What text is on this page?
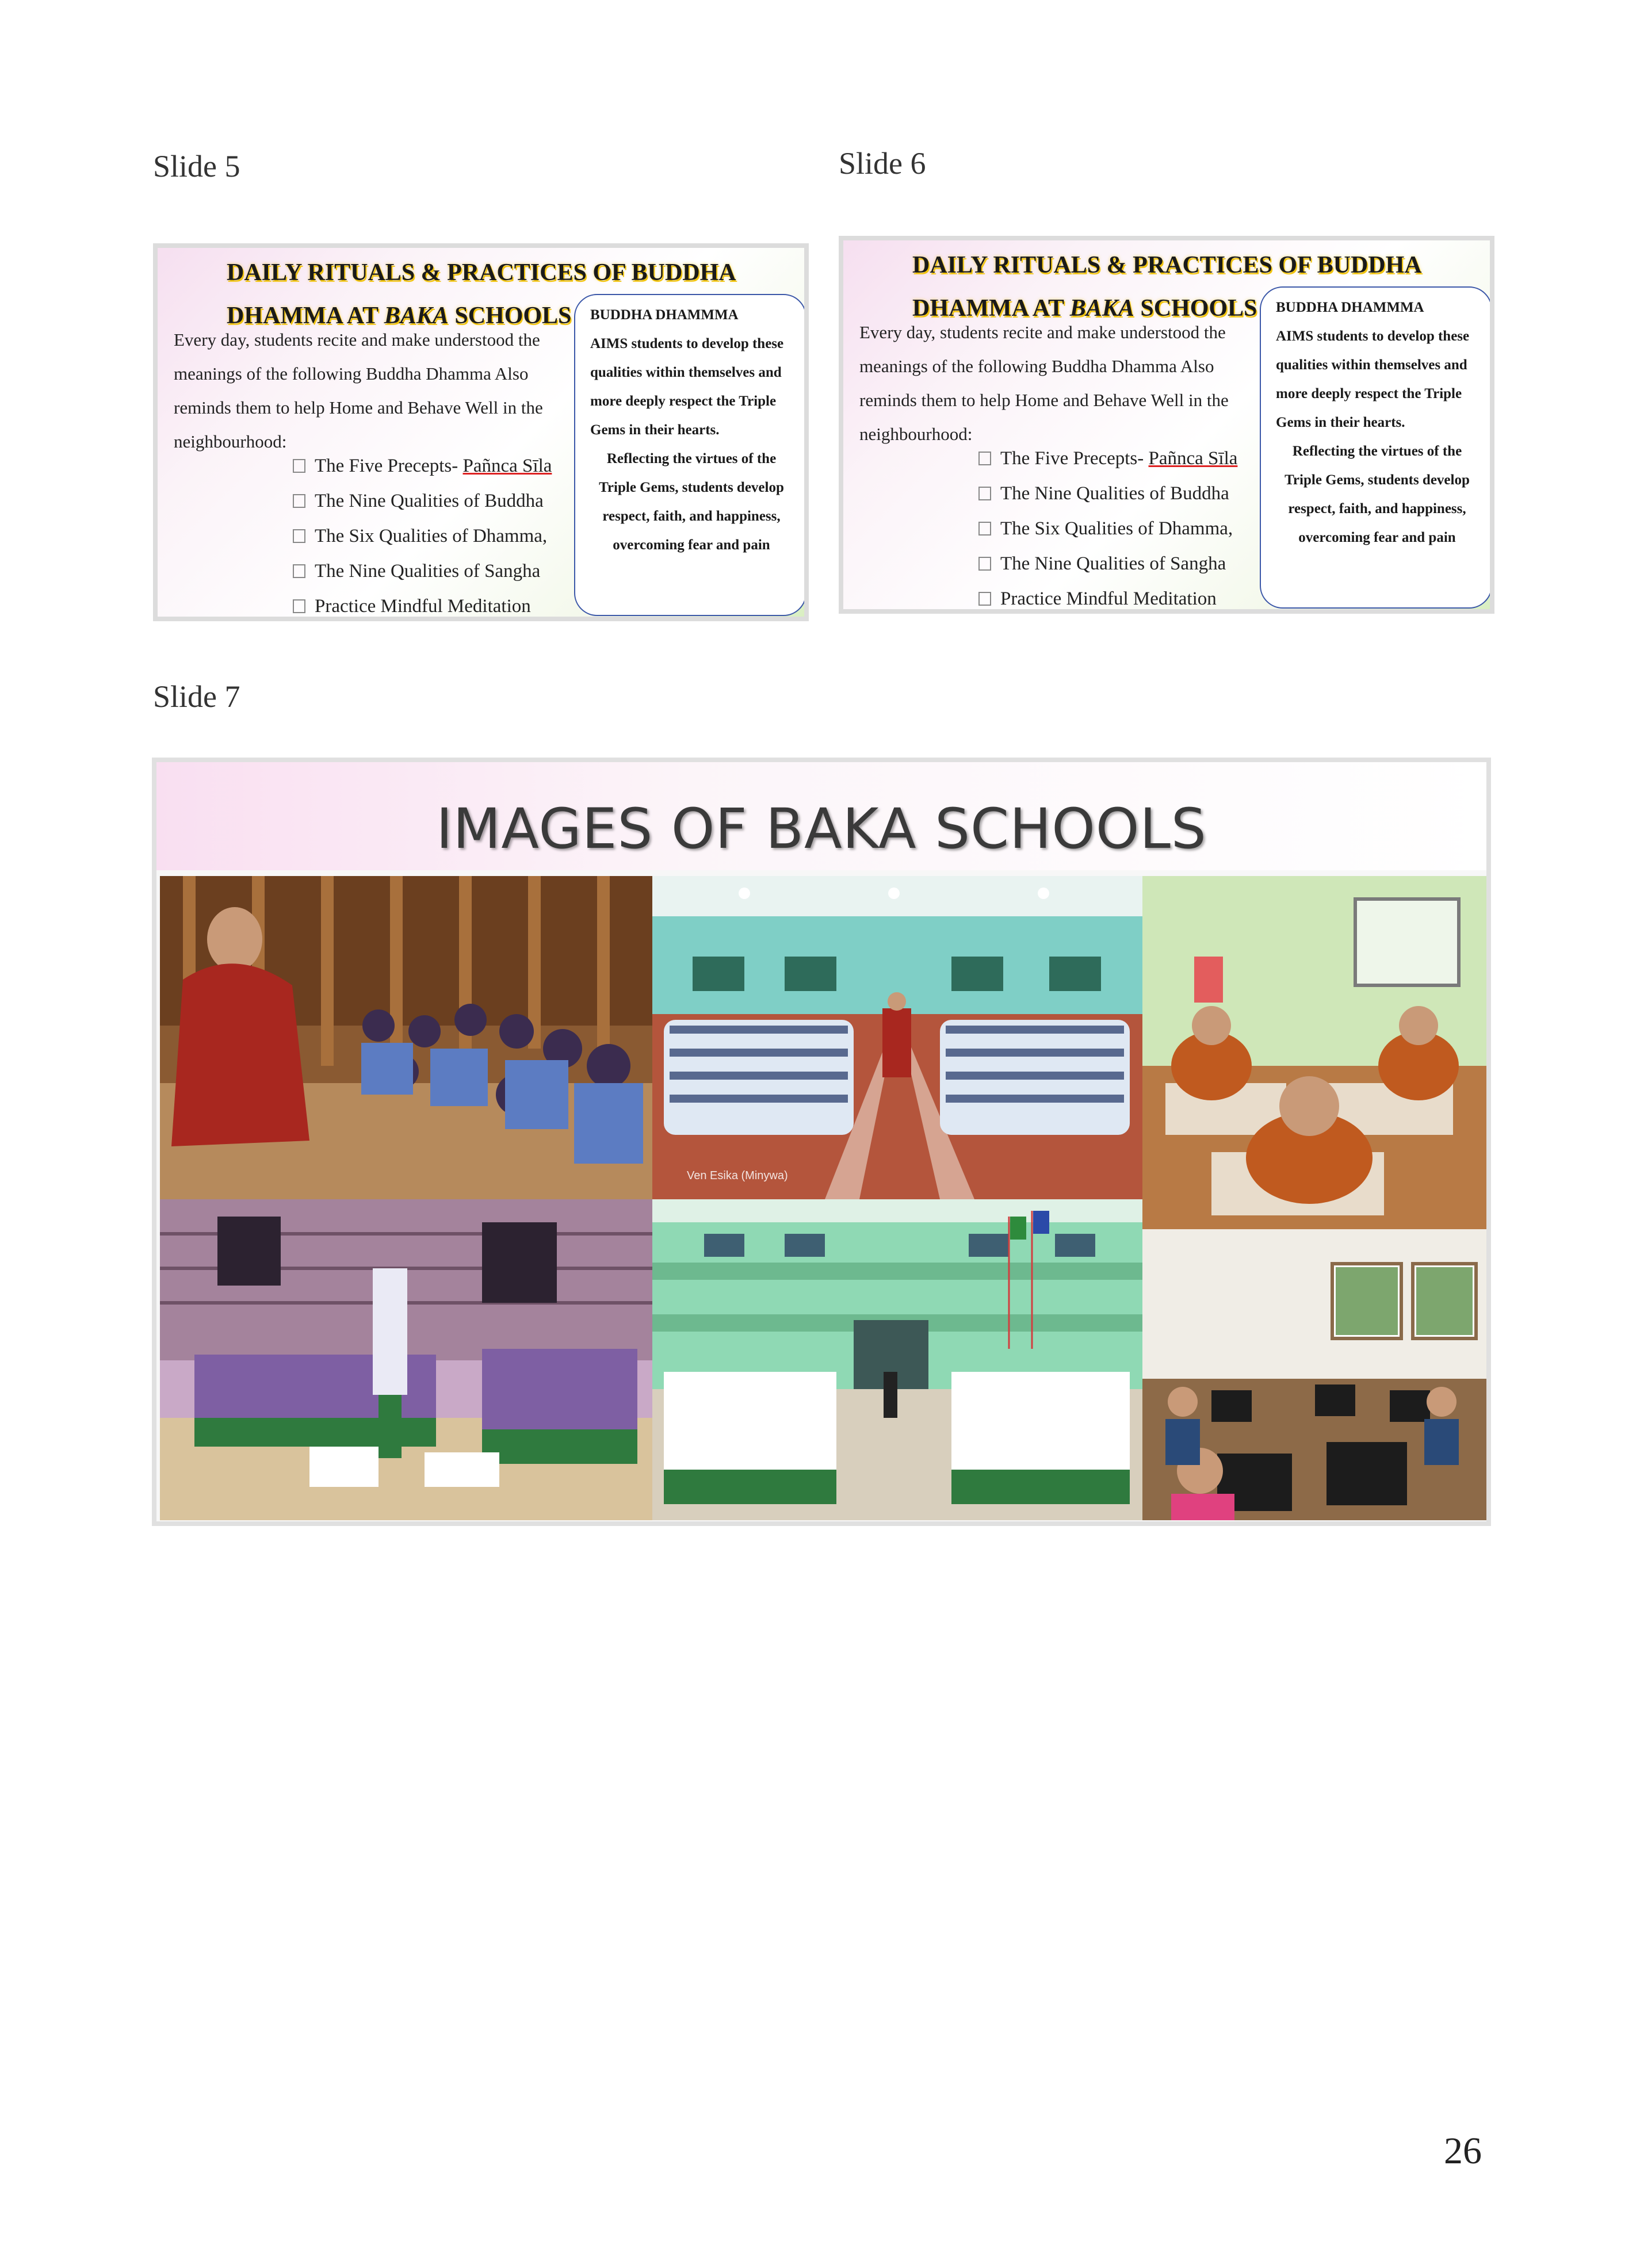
Slide 5	Slide 6
DAILY RITUALS & PRACTICES OF BUDDHA
DHAMMA AT BAKA SCHOOLS
Every day, students recite and make understood the meanings of the following Buddha Dhamma Also reminds them to help Home and Behave Well in the neighbourhood:
The Five Precepts- Pañnca Sīla
The Nine Qualities of Buddha
The Six Qualities of Dhamma,
The Nine Qualities of Sangha
Practice Mindful Meditation
BUDDHA DHAMMMA
AIMS students to develop these qualities within themselves and more deeply respect the Triple Gems in their hearts.
Reflecting the virtues of the Triple Gems, students develop respect, faith, and happiness, overcoming fear and pain
DAILY RITUALS & PRACTICES OF BUDDHA
DHAMMA AT BAKA SCHOOLS
Every day, students recite and make understood the meanings of the following Buddha Dhamma Also reminds them to help Home and Behave Well in the neighbourhood:
The Five Precepts- Pañnca Sīla
The Nine Qualities of Buddha
The Six Qualities of Dhamma,
The Nine Qualities of Sangha
Practice Mindful Meditation
BUDDHA DHAMMMA
AIMS students to develop these qualities within themselves and more deeply respect the Triple Gems in their hearts.
Reflecting the virtues of the Triple Gems, students develop respect, faith, and happiness, overcoming fear and pain
Slide 7
IMAGES OF BAKA SCHOOLS
Ven Esika (Minywa)
26
